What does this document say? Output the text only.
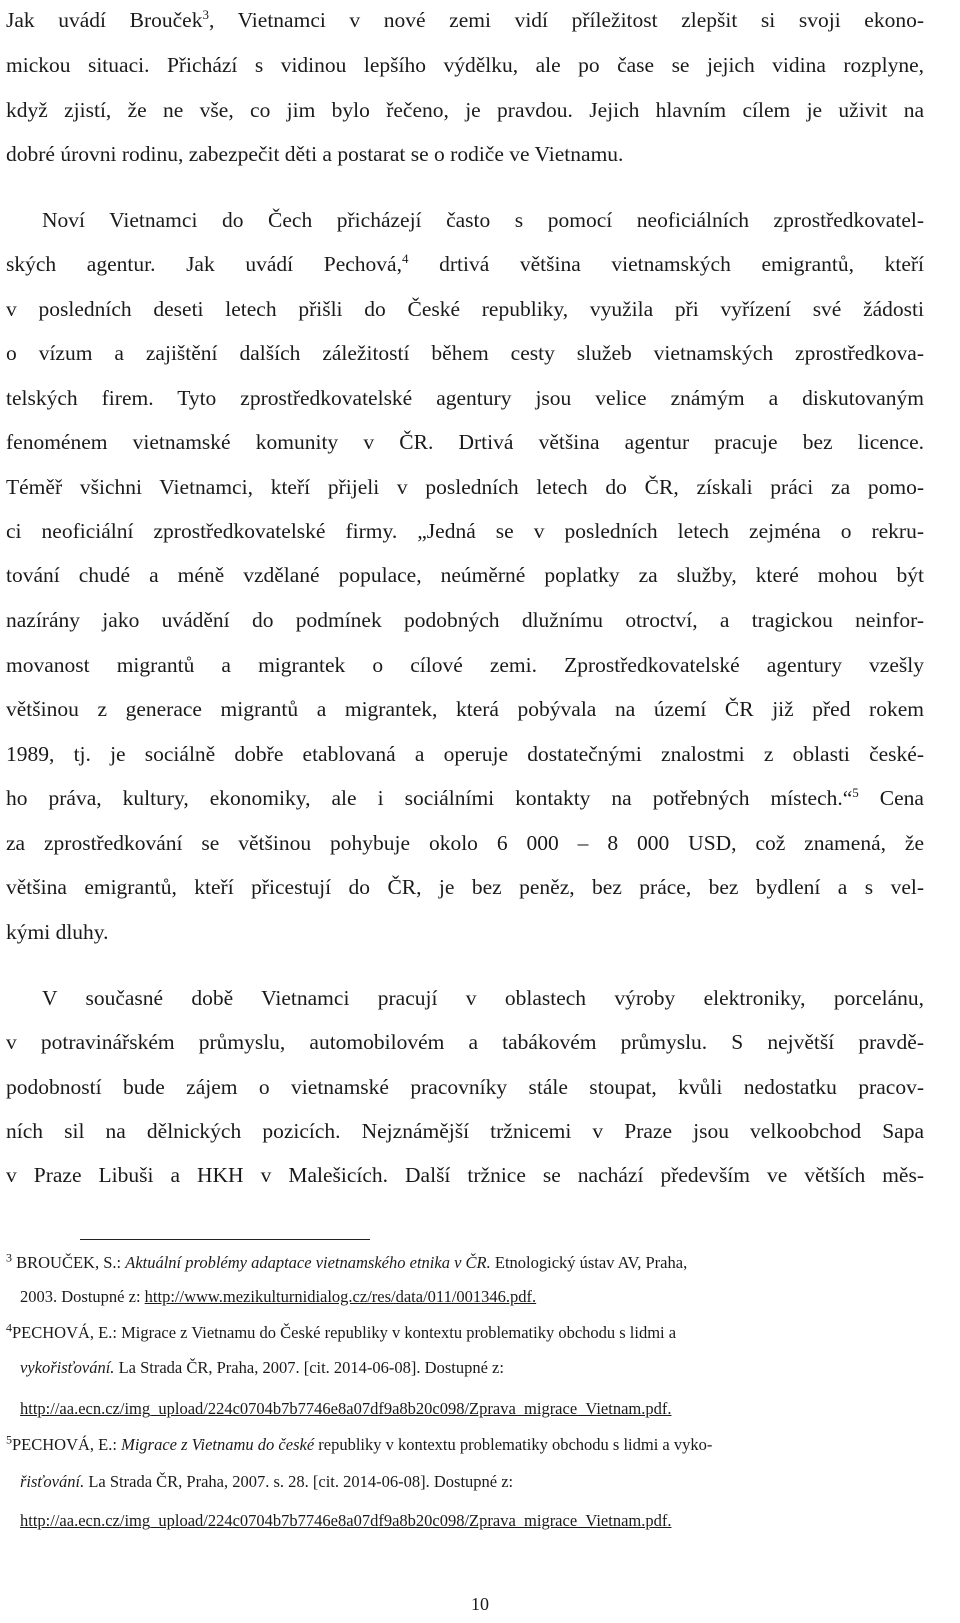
Jak uvádí Brouček$^3$, Vietnamci v nové zemi vidí příležitost zlepšit si svoji ekono-
mickou situaci. Přichází s vidinou lepšího výdělku, ale po čase se jejich vidina rozplyne,
když zjistí, že ne vše, co jim bylo řečeno, je pravdou. Jejich hlavním cílem je uživit na
dobré úrovni rodinu, zabezpečit děti a postarat se o rodiče ve Vietnamu.
Noví Vietnamci do Čech přicházejí často s pomocí neoficiálních zprostředkovatel-
ských agentur. Jak uvádí Pechová,$^4$ drtivá většina vietnamských emigrantů, kteří
v posledních deseti letech přišli do České republiky, využila při vyřízení své žádosti
o vízum a zajištění dalších záležitostí během cesty služeb vietnamských zprostředkova-
telských firem. Tyto zprostředkovatelské agentury jsou velice známým a diskutovaným
fenoménem vietnamské komunity v ČR. Drtivá většina agentur pracuje bez licence.
Téměř všichni Vietnamci, kteří přijeli v posledních letech do ČR, získali práci za pomo-
ci neoficiální zprostředkovatelské firmy. „Jedná se v posledních letech zejména o rekru-
tování chudé a méně vzdělané populace, neúměrné poplatky za služby, které mohou být
nazírány jako uvádění do podmínek podobných dlužnímu otroctví, a tragickou neinfor-
movanost migrantů a migrantek o cílové zemi. Zprostředkovatelské agentury vzešly
většinou z generace migrantů a migrantek, která pobývala na území ČR již před rokem
1989, tj. je sociálně dobře etablovaná a operuje dostatečnými znalostmi z oblasti české-
ho práva, kultury, ekonomiky, ale i sociálními kontakty na potřebných místech.“$^5$ Cena
za zprostředkování se většinou pohybuje okolo 6 000 – 8 000 USD, což znamená, že
většina emigrantů, kteří přicestují do ČR, je bez peněz, bez práce, bez bydlení a s vel-
kými dluhy.
V současné době Vietnamci pracují v oblastech výroby elektroniky, porcelánu,
v potravinářském průmyslu, automobilovém a tabákovém průmyslu. S největší pravdě-
podobností bude zájem o vietnamské pracovníky stále stoupat, kvůli nedostatku pracov-
ních sil na dělnických pozicích. Nejznámější tržnicemi v Praze jsou velkoobchod Sapa
v Praze Libuši a HKH v Malešicích. Další tržnice se nachází především ve větších měs-
$^3$ BROUČEK, S.: Aktuální problémy adaptace vietnamského etnika v ČR. Etnologický ústav AV, Praha,
2003. Dostupné z: http://www.mezikulturnidialog.cz/res/data/011/001346.pdf.
$^4$PECHOVÁ, E.: Migrace z Vietnamu do České republiky v kontextu problematiky obchodu s lidmi a
vykořisťování. La Strada ČR, Praha, 2007. [cit. 2014-06-08]. Dostupné z:
http://aa.ecn.cz/img_upload/224c0704b7b7746e8a07df9a8b20c098/Zprava_migrace_Vietnam.pdf.
$^5$PECHOVÁ, E.: Migrace z Vietnamu do české republiky v kontextu problematiky obchodu s lidmi a vyko-
řisťování. La Strada ČR, Praha, 2007. s. 28. [cit. 2014-06-08]. Dostupné z:
http://aa.ecn.cz/img_upload/224c0704b7b7746e8a07df9a8b20c098/Zprava_migrace_Vietnam.pdf.
10
